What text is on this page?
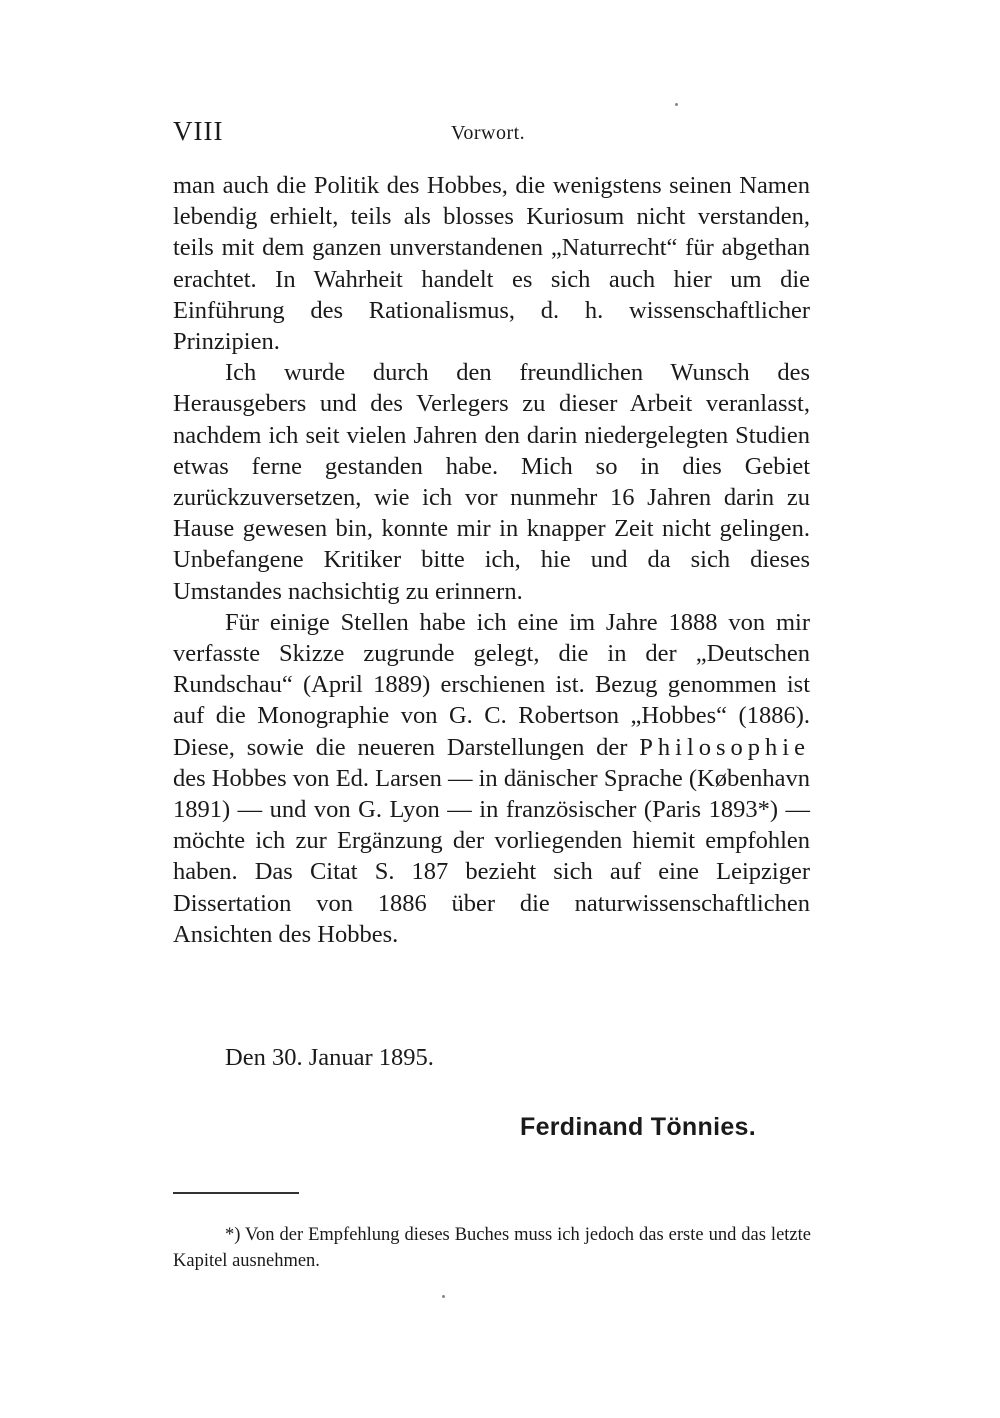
VIII	Vorwort.

man auch die Politik des Hobbes, die wenigstens seinen Namen lebendig erhielt, teils als blosses Kuriosum nicht verstanden, teils mit dem ganzen unverstandenen „Naturrecht“ für abgethan erachtet. In Wahrheit handelt es sich auch hier um die Einführung des Rationalismus, d. h. wissenschaftlicher Prinzipien.

Ich wurde durch den freundlichen Wunsch des Herausgebers und des Verlegers zu dieser Arbeit veranlasst, nachdem ich seit vielen Jahren den darin niedergelegten Studien etwas ferne gestanden habe. Mich so in dies Gebiet zurückzuversetzen, wie ich vor nunmehr 16 Jahren darin zu Hause gewesen bin, konnte mir in knapper Zeit nicht gelingen. Unbefangene Kritiker bitte ich, hie und da sich dieses Umstandes nachsichtig zu erinnern.

Für einige Stellen habe ich eine im Jahre 1888 von mir verfasste Skizze zugrunde gelegt, die in der „Deutschen Rundschau“ (April 1889) erschienen ist. Bezug genommen ist auf die Monographie von G. C. Robertson „Hobbes“ (1886). Diese, sowie die neueren Darstellungen der Philosophie des Hobbes von Ed. Larsen — in dänischer Sprache (København 1891) — und von G. Lyon — in französischer (Paris 1893*) — möchte ich zur Ergänzung der vorliegenden hiemit empfohlen haben. Das Citat S. 187 bezieht sich auf eine Leipziger Dissertation von 1886 über die naturwissenschaftlichen Ansichten des Hobbes.

Den 30. Januar 1895.
Ferdinand Tönnies.

*) Von der Empfehlung dieses Buches muss ich jedoch das erste und das letzte Kapitel ausnehmen.
